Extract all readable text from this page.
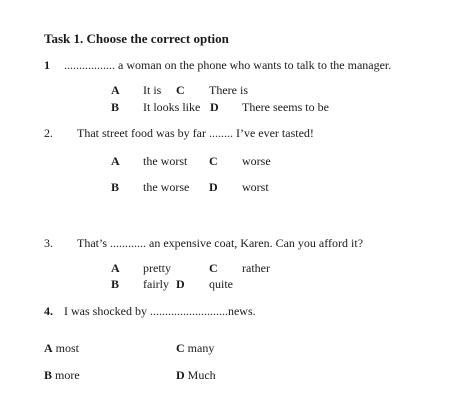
Task 1. Choose the correct option
1 ................. a woman on the phone who wants to talk to the manager.
A It is C There is
B It looks like D There seems to be
2. That street food was by far ........ I’ve ever tasted!
A the worst C worse
B the worse D worst
3. That’s ............ an expensive coat, Karen. Can you afford it?
A pretty	C rather
B fairly D quite
4. I was shocked by ..........................news.
A most	C many
B more	D Much
